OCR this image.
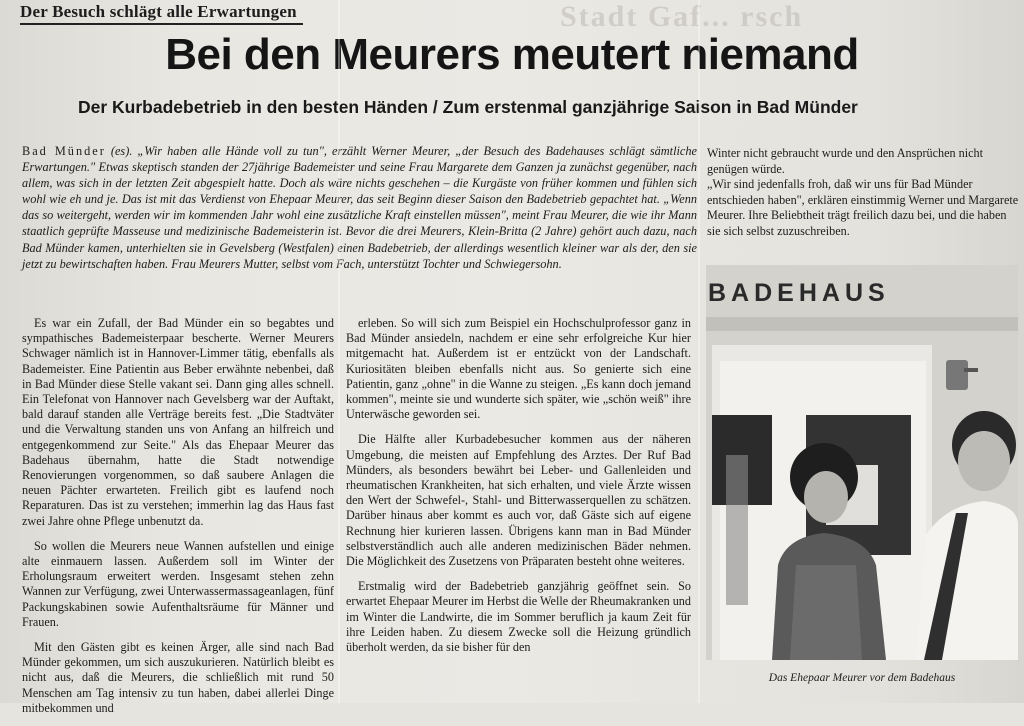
Stadt Gaf... rsch
Der Besuch schlägt alle Erwartungen
Bei den Meurers meutert niemand
Der Kurbadebetrieb in den besten Händen / Zum erstenmal ganzjährige Saison in Bad Münder
Bad Münder (es). „Wir haben alle Hände voll zu tun", erzählt Werner Meurer, „der Besuch des Badehauses schlägt sämtliche Erwartungen." Etwas skeptisch standen der 27jährige Bademeister und seine Frau Margarete dem Ganzen ja zunächst gegenüber, nach allem, was sich in der letzten Zeit abgespielt hatte. Doch als wäre nichts geschehen – die Kurgäste von früher kommen und fühlen sich wohl wie eh und je. Das ist mit das Verdienst von Ehepaar Meurer, das seit Beginn dieser Saison den Badebetrieb gepachtet hat. „Wenn das so weitergeht, werden wir im kommenden Jahr wohl eine zusätzliche Kraft einstellen müssen", meint Frau Meurer, die wie ihr Mann staatlich geprüfte Masseuse und medizinische Bademeisterin ist. Bevor die drei Meurers, Klein-Britta (2 Jahre) gehört auch dazu, nach Bad Münder kamen, unterhielten sie in Gevelsberg (Westfalen) einen Badebetrieb, der allerdings wesentlich kleiner war als der, den sie jetzt zu bewirtschaften haben. Frau Meurers Mutter, selbst vom Fach, unterstützt Tochter und Schwiegersohn.

Es war ein Zufall, der Bad Münder ein so begabtes und sympathisches Bademeisterpaar bescherte. Werner Meurers Schwager nämlich ist in Hannover-Limmer tätig, ebenfalls als Bademeister. Eine Patientin aus Beber erwähnte nebenbei, daß in Bad Münder diese Stelle vakant sei. Dann ging alles schnell. Ein Telefonat von Hannover nach Gevelsberg war der Auftakt, bald darauf standen alle Verträge bereits fest. „Die Stadtväter und die Verwaltung standen uns von Anfang an hilfreich und entgegenkommend zur Seite." Als das Ehepaar Meurer das Badehaus übernahm, hatte die Stadt notwendige Renovierungen vorgenommen, so daß saubere Anlagen die neuen Pächter erwarteten. Freilich gibt es laufend noch Reparaturen. Das ist zu verstehen; immerhin lag das Haus fast zwei Jahre ohne Pflege unbenutzt da.

So wollen die Meurers neue Wannen aufstellen und einige alte einmauern lassen. Außerdem soll im Winter der Erholungsraum erweitert werden. Insgesamt stehen zehn Wannen zur Verfügung, zwei Unterwassermassageanlagen, fünf Packungskabinen sowie Aufenthaltsräume für Männer und Frauen.

Mit den Gästen gibt es keinen Ärger, alle sind nach Bad Münder gekommen, um sich auszukurieren. Natürlich bleibt es nicht aus, daß die Meurers, die schließlich mit rund 50 Menschen am Tag intensiv zu tun haben, dabei allerlei Dinge mitbekommen und

erleben. So will sich zum Beispiel ein Hochschulprofessor ganz in Bad Münder ansiedeln, nachdem er eine sehr erfolgreiche Kur hier mitgemacht hat. Außerdem ist er entzückt von der Landschaft. Kuriositäten bleiben ebenfalls nicht aus. So genierte sich eine Patientin, ganz „ohne" in die Wanne zu steigen. „Es kann doch jemand kommen", meinte sie und wunderte sich später, wie „schön weiß" ihre Unterwäsche geworden sei.

Die Hälfte aller Kurbadebesucher kommen aus der näheren Umgebung, die meisten auf Empfehlung des Arztes. Der Ruf Bad Münders, als besonders bewährt bei Leber- und Gallenleiden und rheumatischen Krankheiten, hat sich erhalten, und viele Ärzte wissen den Wert der Schwefel-, Stahl- und Bitterwasserquellen zu schätzen. Darüber hinaus aber kommt es auch vor, daß Gäste sich auf eigene Rechnung hier kurieren lassen. Übrigens kann man in Bad Münder selbstverständlich auch alle anderen medizinischen Bäder nehmen. Die Möglichkeit des Zusetzens von Präparaten besteht ohne weiteres.

Erstmalig wird der Badebetrieb ganzjährig geöffnet sein. So erwartet Ehepaar Meurer im Herbst die Welle der Rheumakranken und im Winter die Landwirte, die im Sommer beruflich ja kaum Zeit für ihre Leiden haben. Zu diesem Zwecke soll die Heizung gründlich überholt werden, da sie bisher für den

Winter nicht gebraucht wurde und den Ansprüchen nicht genügen würde.

„Wir sind jedenfalls froh, daß wir uns für Bad Münder entschieden haben", erklären einstimmig Werner und Margarete Meurer. Ihre Beliebtheit trägt freilich dazu bei, und die haben sie sich selbst zuzuschreiben.

BADEHAUS
Das Ehepaar Meurer vor dem Badehaus
